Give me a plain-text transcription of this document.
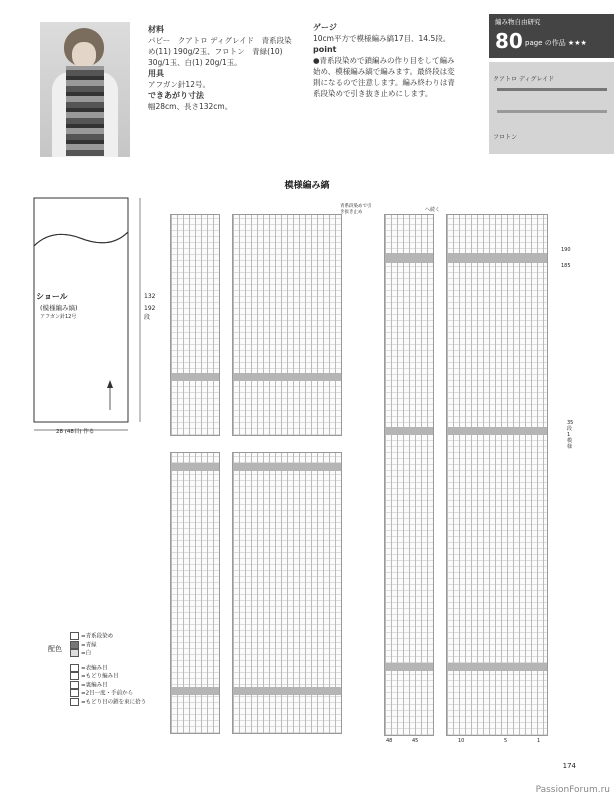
材料
パピー　クアトロ ディグレイド　青系段染
め(11) 190g/2玉、フロトン　青緑(10)
30g/1玉、白(1) 20g/1玉。
用具
アフガン針12号。
できあがり寸法
幅28cm、長さ132cm。
ゲージ
10cm平方で模様編み縞17目、14.5段。
point
●青系段染めで鎖編みの作り目をして編み
始め、模様編み縞で編みます。最終段は変
則になるので注意します。編み終わりは青
系段染めで引き抜き止めにします。
編み物自由研究
80 page の作品 ★★★
クアトロ ディグレイド
フロトン
模様編み縞
ショール
(模様編み縞)
アフガン針12号
132
192段
28 (48目) 作る
青系段染めで引き抜き止め	へ続く
190
185
35段1模様
48	45	10	5	1
配色
=青系段染め
=青緑
=白
=表編み目
=もどり編み目
=裏編み目
=2目一度・手前から
=もどり目の鎖を束に拾う
174
PassionForum.ru
